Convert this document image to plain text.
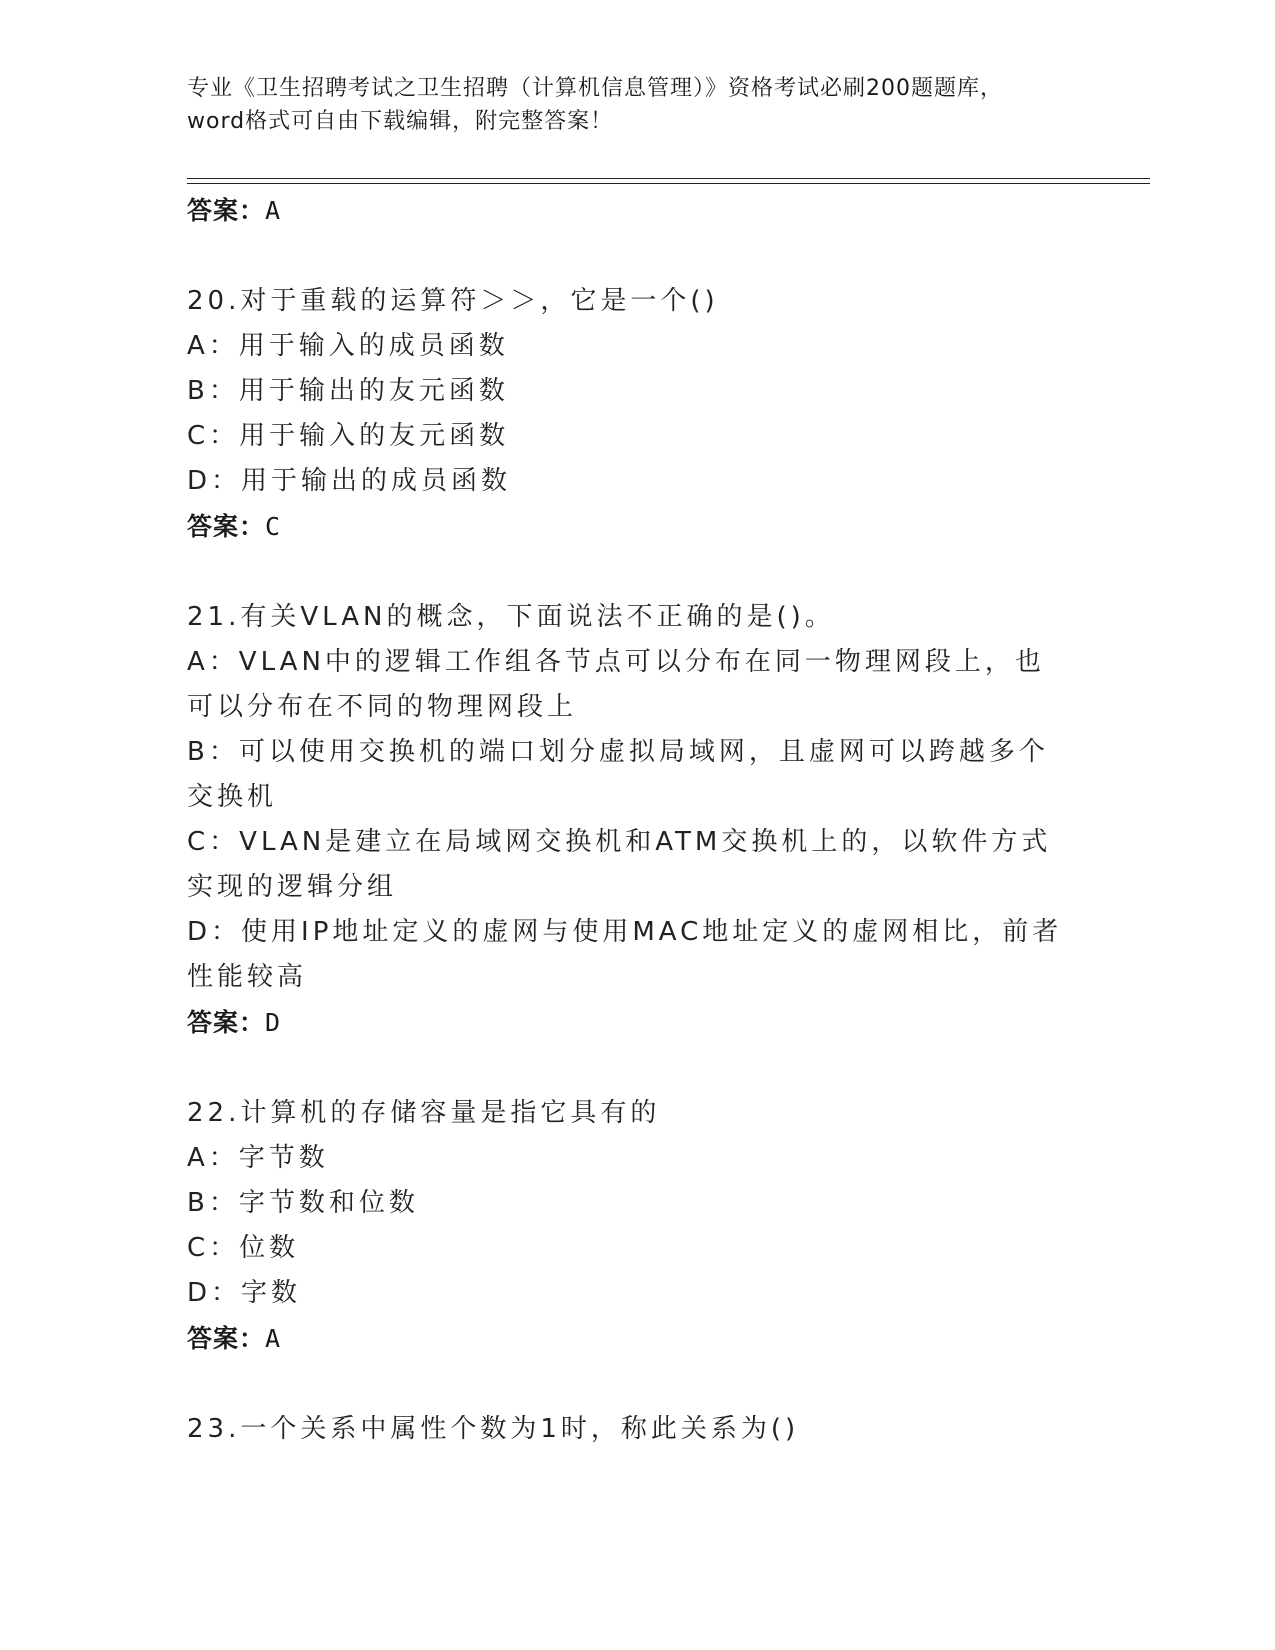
专业《卫生招聘考试之卫生招聘（计算机信息管理）》资格考试必刷200题题库，
word格式可自由下载编辑，附完整答案！
答案：A
20.对于重载的运算符＞＞，它是一个()
A：用于输入的成员函数
B：用于输出的友元函数
C：用于输入的友元函数
D：用于输出的成员函数
答案：C
21.有关VLAN的概念，下面说法不正确的是()。
A：VLAN中的逻辑工作组各节点可以分布在同一物理网段上，也可以分布在不同的物理网段上
B：可以使用交换机的端口划分虚拟局域网，且虚网可以跨越多个交换机
C：VLAN是建立在局域网交换机和ATM交换机上的，以软件方式实现的逻辑分组
D：使用IP地址定义的虚网与使用MAC地址定义的虚网相比，前者性能较高
答案：D
22.计算机的存储容量是指它具有的
A：字节数
B：字节数和位数
C：位数
D：字数
答案：A
23.一个关系中属性个数为1时，称此关系为()
